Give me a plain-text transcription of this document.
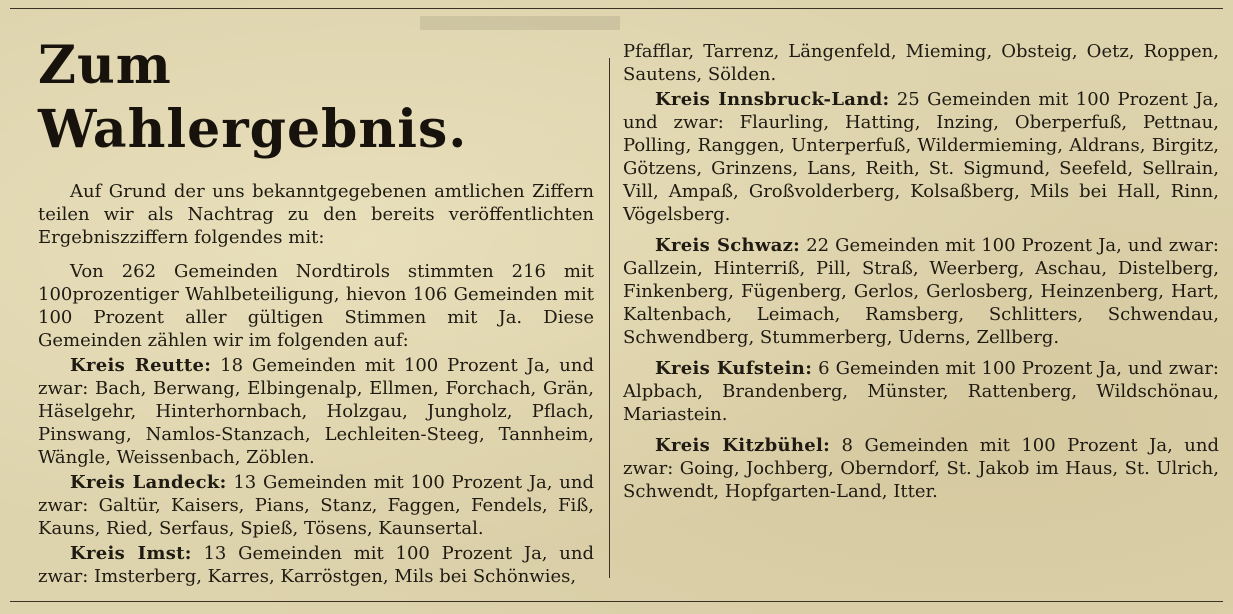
Zum Wahlergebnis.

Auf Grund der uns bekanntgegebenen amtlichen Ziffern teilen wir als Nachtrag zu den bereits veröffentlichten Ergebniszziffern folgendes mit:

Von 262 Gemeinden Nordtirols stimmten 216 mit 100prozentiger Wahlbeteiligung, hievon 106 Gemeinden mit 100 Prozent aller gültigen Stimmen mit Ja. Diese Gemeinden zählen wir im folgenden auf:

Kreis Reutte: 18 Gemeinden mit 100 Prozent Ja, und zwar: Bach, Berwang, Elbingenalp, Ellmen, Forchach, Grän, Häselgehr, Hinterhornbach, Holzgau, Jungholz, Pflach, Pinswang, Namlos-Stanzach, Lechleiten-Steeg, Tannheim, Wängle, Weissenbach, Zöblen.

Kreis Landeck: 13 Gemeinden mit 100 Prozent Ja, und zwar: Galtür, Kaisers, Pians, Stanz, Faggen, Fendels, Fiß, Kauns, Ried, Serfaus, Spieß, Tösens, Kaunsertal.

Kreis Imst: 13 Gemeinden mit 100 Prozent Ja, und zwar: Imsterberg, Karres, Karröstgen, Mils bei Schönwies,

Pfafflar, Tarrenz, Längenfeld, Mieming, Obsteig, Oetz, Roppen, Sautens, Sölden.

Kreis Innsbruck-Land: 25 Gemeinden mit 100 Prozent Ja, und zwar: Flaurling, Hatting, Inzing, Oberperfuß, Pettnau, Polling, Ranggen, Unterperfuß, Wildermieming, Aldrans, Birgitz, Götzens, Grinzens, Lans, Reith, St. Sigmund, Seefeld, Sellrain, Vill, Ampaß, Großvolderberg, Kolsaßberg, Mils bei Hall, Rinn, Vögelsberg.

Kreis Schwaz: 22 Gemeinden mit 100 Prozent Ja, und zwar: Gallzein, Hinterriß, Pill, Straß, Weerberg, Aschau, Distelberg, Finkenberg, Fügenberg, Gerlos, Gerlosberg, Heinzenberg, Hart, Kaltenbach, Leimach, Ramsberg, Schlitters, Schwendau, Schwendberg, Stummerberg, Uderns, Zellberg.

Kreis Kufstein: 6 Gemeinden mit 100 Prozent Ja, und zwar: Alpbach, Brandenberg, Münster, Rattenberg, Wildschönau, Mariastein.

Kreis Kitzbühel: 8 Gemeinden mit 100 Prozent Ja, und zwar: Going, Jochberg, Oberndorf, St. Jakob im Haus, St. Ulrich, Schwendt, Hopfgarten-Land, Itter.
